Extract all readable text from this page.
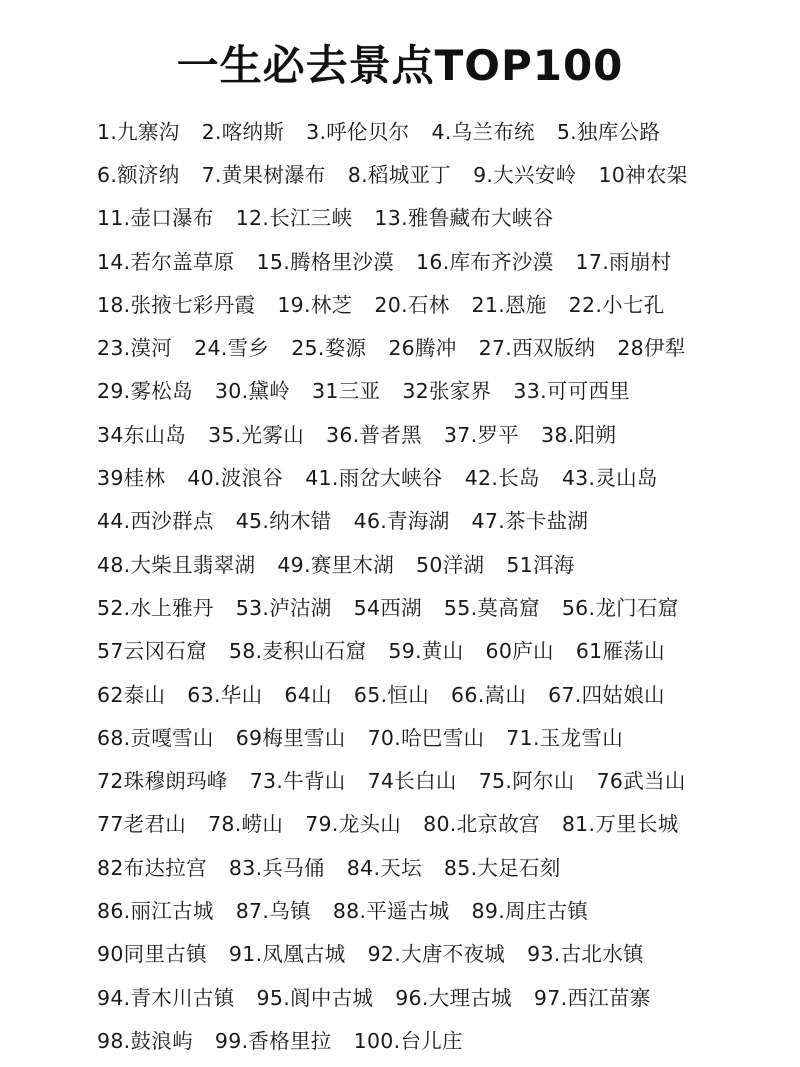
一生必去景点TOP100
1.九寨沟 2.喀纳斯 3.呼伦贝尔 4.乌兰布统 5.独库公路
6.额济纳 7.黄果树瀑布 8.稻城亚丁 9.大兴安岭 10神农架
11.壶口瀑布 12.长江三峡 13.雅鲁藏布大峡谷
14.若尔盖草原 15.腾格里沙漠 16.库布齐沙漠 17.雨崩村
18.张掖七彩丹霞 19.林芝 20.石林 21.恩施 22.小七孔
23.漠河 24.雪乡 25.婺源 26腾冲 27.西双版纳 28伊犁
29.雾松岛 30.黛岭 31三亚 32张家界 33.可可西里
34东山岛 35.光雾山 36.普者黑 37.罗平 38.阳朔
39桂林 40.波浪谷 41.雨岔大峡谷 42.长岛 43.灵山岛
44.西沙群点 45.纳木错 46.青海湖 47.茶卡盐湖
48.大柴且翡翠湖 49.赛里木湖 50洋湖 51洱海
52.水上雅丹 53.泸沽湖 54西湖 55.莫高窟 56.龙门石窟
57云冈石窟 58.麦积山石窟 59.黄山 60庐山 61雁荡山
62泰山 63.华山 64山 65.恒山 66.嵩山 67.四姑娘山
68.贡嘎雪山 69梅里雪山 70.哈巴雪山 71.玉龙雪山
72珠穆朗玛峰 73.牛背山 74长白山 75.阿尔山 76武当山
77老君山 78.崂山 79.龙头山 80.北京故宫 81.万里长城
82布达拉宫 83.兵马俑 84.天坛 85.大足石刻
86.丽江古城 87.乌镇 88.平遥古城 89.周庄古镇
90同里古镇 91.凤凰古城 92.大唐不夜城 93.古北水镇
94.青木川古镇 95.阆中古城 96.大理古城 97.西江苗寨
98.鼓浪屿 99.香格里拉 100.台儿庄
